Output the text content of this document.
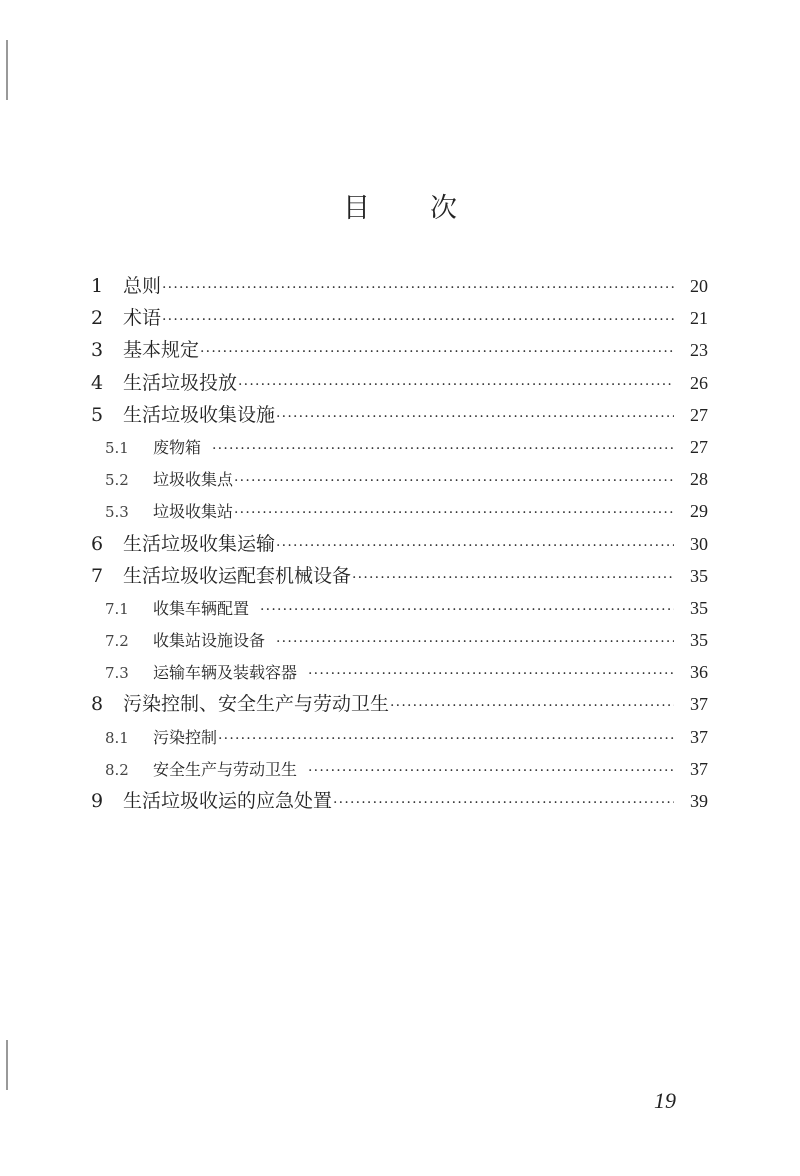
目 次
1	总则 ·····	20
2	术语 ·····	21
3	基本规定 ·····	23
4	生活垃圾投放 ·····	26
5	生活垃圾收集设施 ·····	27
5.1	废物箱 ·····	27
5.2	垃圾收集点 ·····	28
5.3	垃圾收集站 ·····	29
6	生活垃圾收集运输 ·····	30
7	生活垃圾收运配套机械设备 ·····	35
7.1	收集车辆配置 ·····	35
7.2	收集站设施设备 ·····	35
7.3	运输车辆及装载容器 ·····	36
8	污染控制、安全生产与劳动卫生 ·····	37
8.1	污染控制 ·····	37
8.2	安全生产与劳动卫生 ·····	37
9	生活垃圾收运的应急处置 ·····	39
19
